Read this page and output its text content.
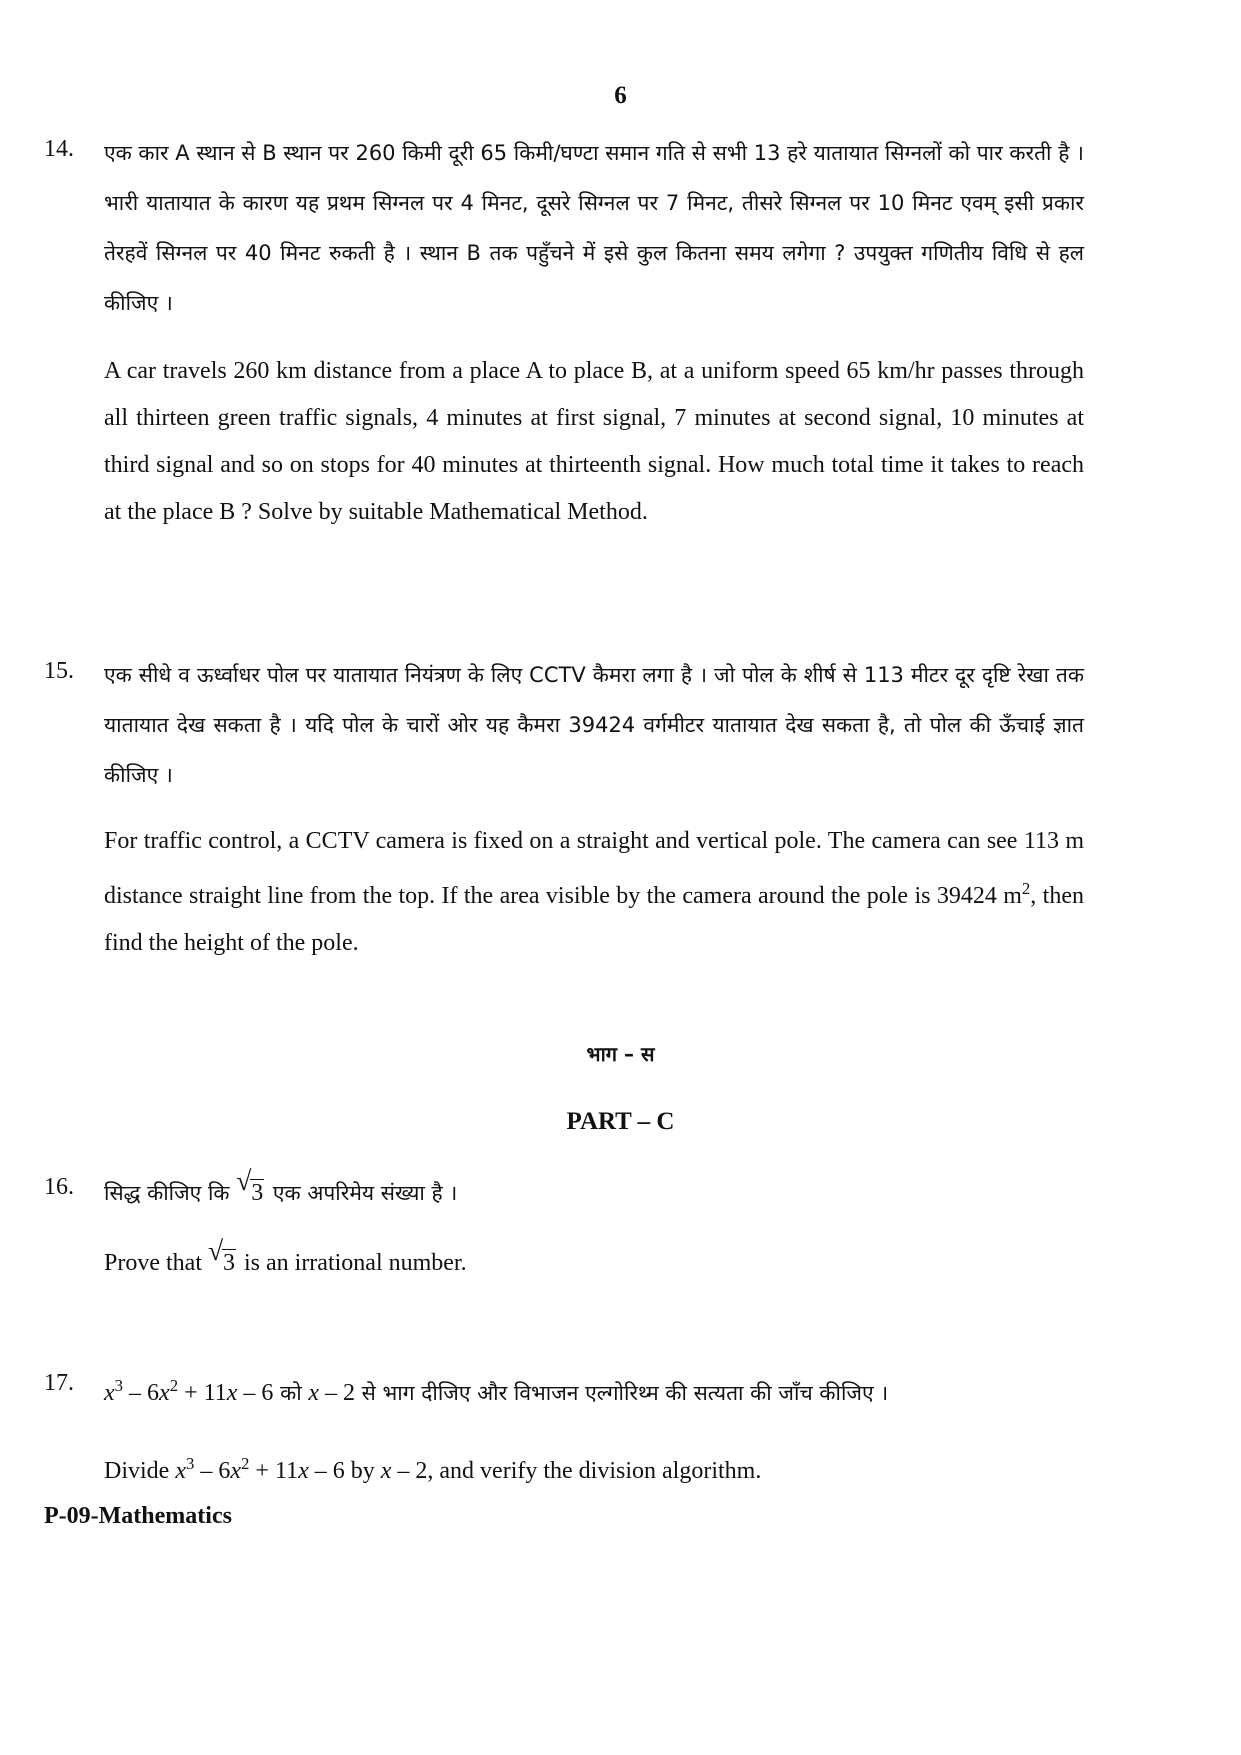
6
14. एक कार A स्थान से B स्थान पर 260 किमी दूरी 65 किमी/घण्टा समान गति से सभी 13 हरे यातायात सिग्नलों को पार करती है । भारी यातायात के कारण यह प्रथम सिग्नल पर 4 मिनट, दूसरे सिग्नल पर 7 मिनट, तीसरे सिग्नल पर 10 मिनट एवम् इसी प्रकार तेरहवें सिग्नल पर 40 मिनट रुकती है । स्थान B तक पहुँचने में इसे कुल कितना समय लगेगा ? उपयुक्त गणितीय विधि से हल कीजिए ।

A car travels 260 km distance from a place A to place B, at a uniform speed 65 km/hr passes through all thirteen green traffic signals, 4 minutes at first signal, 7 minutes at second signal, 10 minutes at third signal and so on stops for 40 minutes at thirteenth signal. How much total time it takes to reach at the place B ? Solve by suitable Mathematical Method.

15. एक सीधे व ऊर्ध्वाधर पोल पर यातायात नियंत्रण के लिए CCTV कैमरा लगा है । जो पोल के शीर्ष से 113 मीटर दूर दृष्टि रेखा तक यातायात देख सकता है । यदि पोल के चारों ओर यह कैमरा 39424 वर्गमीटर यातायात देख सकता है, तो पोल की ऊँचाई ज्ञात कीजिए ।

For traffic control, a CCTV camera is fixed on a straight and vertical pole. The camera can see 113 m distance straight line from the top. If the area visible by the camera around the pole is 39424 $m^2$, then find the height of the pole.

भाग – स
PART – C
16. सिद्ध कीजिए कि √ 3 एक अपरिमेय संख्या है ।

Prove that √ 3 is an irrational number.

17. $x^3 - 6x^2 + 11x - 6$ को x – 2 से भाग दीजिए और विभाजन एल्गोरिथ्म की सत्यता की जाँच कीजिए ।

Divide $x^3 - 6x^2 + 11x - 6$ by x – 2, and verify the division algorithm.

P-09-Mathematics
